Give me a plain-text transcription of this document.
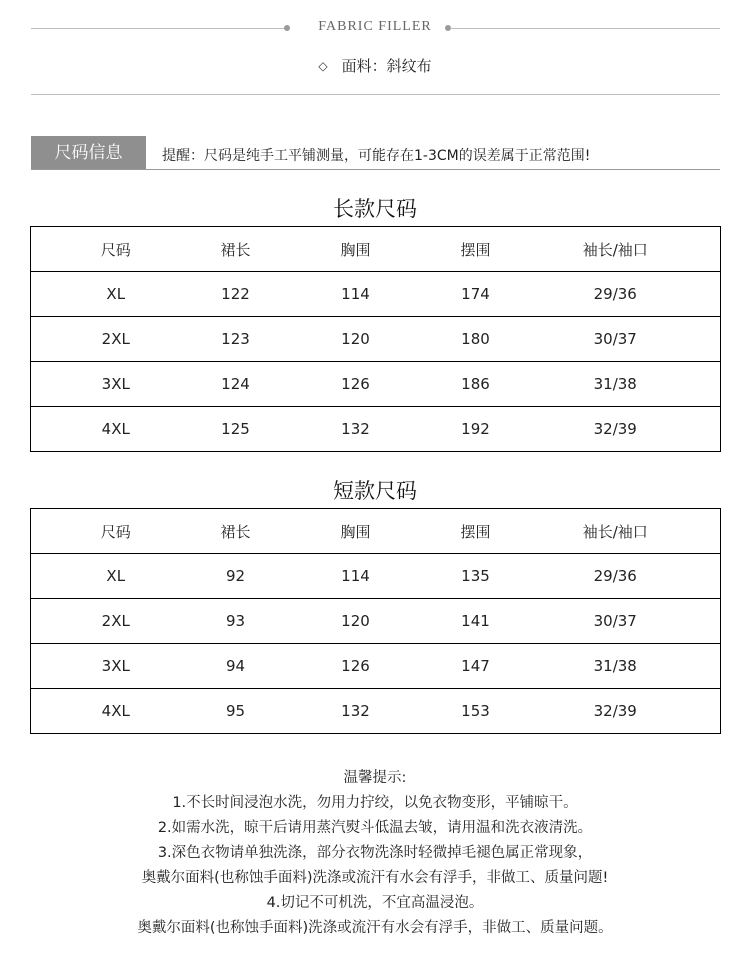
FABRIC FILLER
◇ 面料：斜纹布
尺码信息	提醒：尺码是纯手工平铺测量，可能存在1-3CM的误差属于正常范围!
长款尺码
尺码	裙长	胸围	摆围	袖长/袖口
XL	122	114	174	29/36
2XL	123	120	180	30/37
3XL	124	126	186	31/38
4XL	125	132	192	32/39
短款尺码
尺码	裙长	胸围	摆围	袖长/袖口
XL	92	114	135	29/36
2XL	93	120	141	30/37
3XL	94	126	147	31/38
4XL	95	132	153	32/39
温馨提示:
1.不长时间浸泡水洗，勿用力拧绞，以免衣物变形，平铺晾干。
2.如需水洗，晾干后请用蒸汽熨斗低温去皱，请用温和洗衣液清洗。
3.深色衣物请单独洗涤，部分衣物洗涤时轻微掉毛褪色属正常现象，
奥戴尔面料(也称蚀手面料)洗涤或流汗有水会有浮手，非做工、质量问题!
4.切记不可机洗，不宜高温浸泡。
奥戴尔面料(也称蚀手面料)洗涤或流汗有水会有浮手，非做工、质量问题。
